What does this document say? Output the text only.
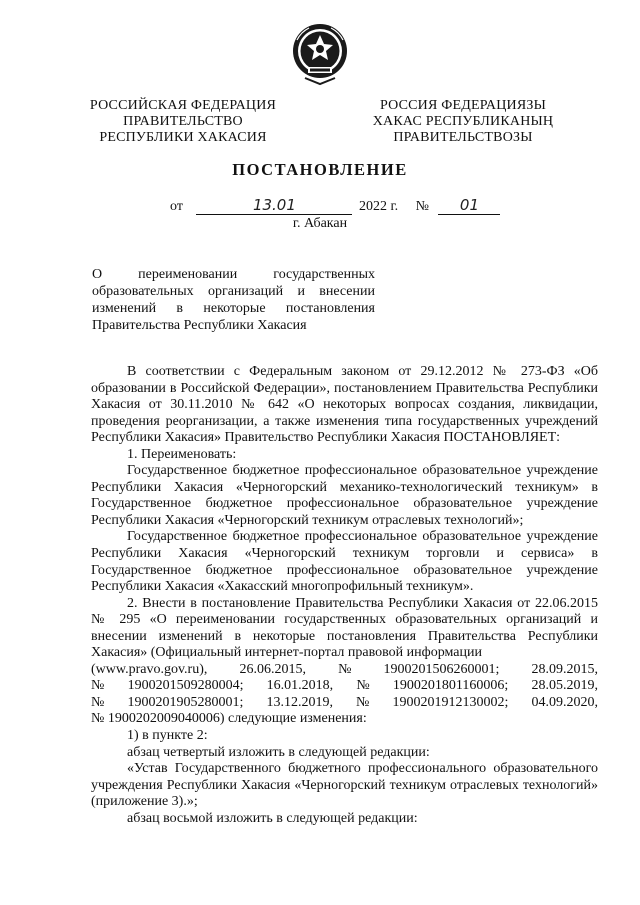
РОССИЙСКАЯ ФЕДЕРАЦИЯ
ПРАВИТЕЛЬСТВО
РЕСПУБЛИКИ ХАКАСИЯ
РОССИЯ ФЕДЕРАЦИЯЗЫ
ХАКАС РЕСПУБЛИКАНЫҢ
ПРАВИТЕЛЬСТВОЗЫ
ПОСТАНОВЛЕНИЕ
от	13.01	2022 г. № 01
г. Абакан
О переименовании государственных образовательных организаций и внесении изменений в некоторые постановления Правительства Республики Хакасия

В соответствии с Федеральным законом от 29.12.2012 № 273-ФЗ «Об образовании в Российской Федерации», постановлением Правительства Республики Хакасия от 30.11.2010 № 642 «О некоторых вопросах создания, ликвидации, проведения реорганизации, а также изменения типа государственных учреждений Республики Хакасия» Правительство Республики Хакасия ПОСТАНОВЛЯЕТ:

1. Переименовать:

Государственное бюджетное профессиональное образовательное учреждение Республики Хакасия «Черногорский механико-технологический техникум» в Государственное бюджетное профессиональное образовательное учреждение Республики Хакасия «Черногорский техникум отраслевых технологий»;

Государственное бюджетное профессиональное образовательное учреждение Республики Хакасия «Черногорский техникум торговли и сервиса» в Государственное бюджетное профессиональное образовательное учреждение Республики Хакасия «Хакасский многопрофильный техникум».

2. Внести в постановление Правительства Республики Хакасия от 22.06.2015 № 295 «О переименовании государственных образовательных организаций и внесении изменений в некоторые постановления Правительства Республики Хакасия» (Официальный интернет-портал правовой информации

(www.pravo.gov.ru), 26.06.2015, № 1900201506260001; 28.09.2015,
№ 1900201509280004; 16.01.2018, № 1900201801160006; 28.05.2019,
№ 1900201905280001; 13.12.2019, № 1900201912130002; 04.09.2020,

№ 1900202009040006) следующие изменения:

1) в пункте 2:

абзац четвертый изложить в следующей редакции:

«Устав Государственного бюджетного профессионального образовательного учреждения Республики Хакасия «Черногорский техникум отраслевых технологий» (приложение 3).»;

абзац восьмой изложить в следующей редакции:
